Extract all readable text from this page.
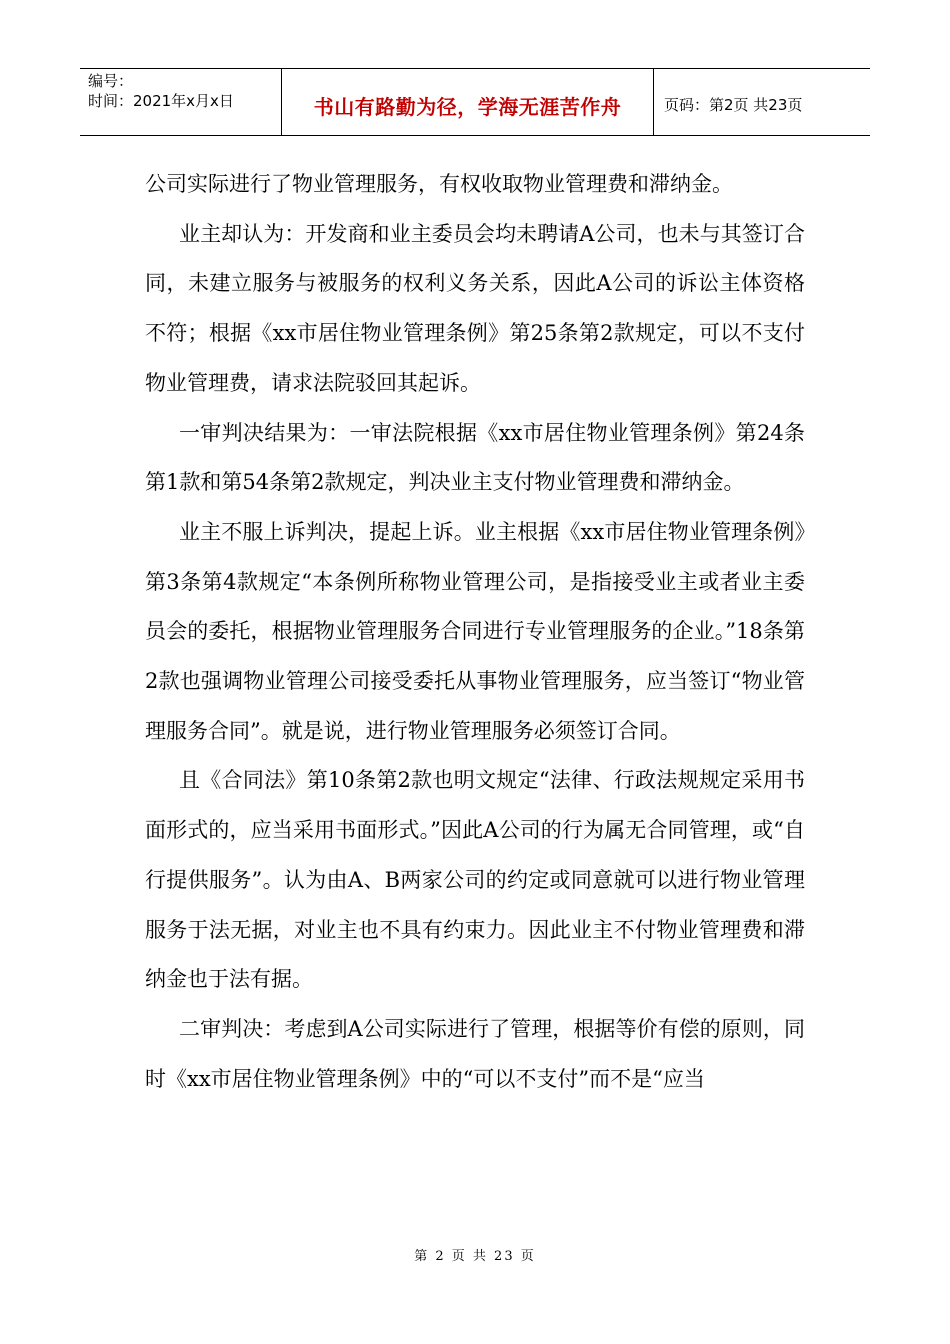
编号：
时间：2021年x月x日	书山有路勤为径，学海无涯苦作舟	页码：第2页 共23页

公司实际进行了物业管理服务，有权收取物业管理费和滞纳金。

业主却认为：开发商和业主委员会均未聘请A公司，也未与其签订合同，未建立服务与被服务的权利义务关系，因此A公司的诉讼主体资格不符；根据《xx市居住物业管理条例》第25条第2款规定，可以不支付物业管理费，请求法院驳回其起诉。

一审判决结果为：一审法院根据《xx市居住物业管理条例》第24条第1款和第54条第2款规定，判决业主支付物业管理费和滞纳金。

业主不服上诉判决，提起上诉。业主根据《xx市居住物业管理条例》第3条第4款规定“本条例所称物业管理公司，是指接受业主或者业主委员会的委托，根据物业管理服务合同进行专业管理服务的企业。”18条第2款也强调物业管理公司接受委托从事物业管理服务，应当签订“物业管理服务合同”。就是说，进行物业管理服务必须签订合同。

且《合同法》第10条第2款也明文规定“法律、行政法规规定采用书面形式的，应当采用书面形式。”因此A公司的行为属无合同管理，或“自行提供服务”。认为由A、B两家公司的约定或同意就可以进行物业管理服务于法无据，对业主也不具有约束力。因此业主不付物业管理费和滞纳金也于法有据。

二审判决：考虑到A公司实际进行了管理，根据等价有偿的原则，同时《xx市居住物业管理条例》中的“可以不支付”而不是“应当

第 2 页 共 23 页
